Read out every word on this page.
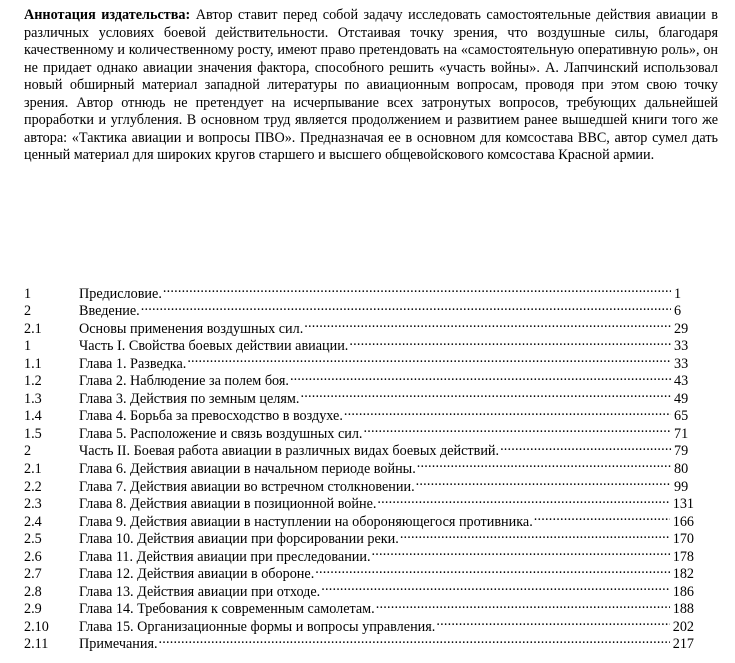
Аннотация издательства: Автор ставит перед собой задачу исследовать самостоятельные действия авиации в различных условиях боевой действительности. Отстаивая точку зрения, что воздушные силы, благодаря качественному и количественному росту, имеют право претендовать на «самостоятельную оперативную роль», он не придает однако авиации значения фактора, способного решить «участь войны». А. Лапчинский использовал новый обширный материал западной литературы по авиационным вопросам, проводя при этом свою точку зрения. Автор отнюдь не претендует на исчерпывание всех затронутых вопросов, требующих дальнейшей проработки и углубления. В основном труд является продолжением и развитием ранее вышедшей книги того же автора: «Тактика авиации и вопросы ПВО». Предназначая ее в основном для комсостава ВВС, автор сумел дать ценный материал для широких кругов старшего и высшего общевойскового комсостава Красной армии.

1	Предисловие. .....	1
2	Введение. .....	6
2.1	Основы применения воздушных сил. .....	29
1	Часть I. Свойства боевых действии авиации. .....	33
1.1	Глава 1. Разведка. .....	33
1.2	Глава 2. Наблюдение за полем боя. .....	43
1.3	Глава 3. Действия по земным целям. .....	49
1.4	Глава 4. Борьба за превосходство в воздухе. .....	65
1.5	Глава 5. Расположение и связь воздушных сил. .....	71
2	Часть II. Боевая работа авиации в различных видах боевых действий. .....	79
2.1	Глава 6. Действия авиации в начальном периоде войны. .....	80
2.2	Глава 7. Действия авиации во встречном столкновении. .....	99
2.3	Глава 8. Действия авиации в позиционной войне. .....	131
2.4	Глава 9. Действия авиации в наступлении на обороняющегося противника. .....	166
2.5	Глава 10. Действия авиации при форсировании реки. .....	170
2.6	Глава 11. Действия авиации при преследовании. .....	178
2.7	Глава 12. Действия авиации в обороне. .....	182
2.8	Глава 13. Действия авиации при отходе. .....	186
2.9	Глава 14. Требования к современным самолетам. .....	188
2.10	Глава 15. Организационные формы и вопросы управления. .....	202
2.11	Примечания. .....	217
